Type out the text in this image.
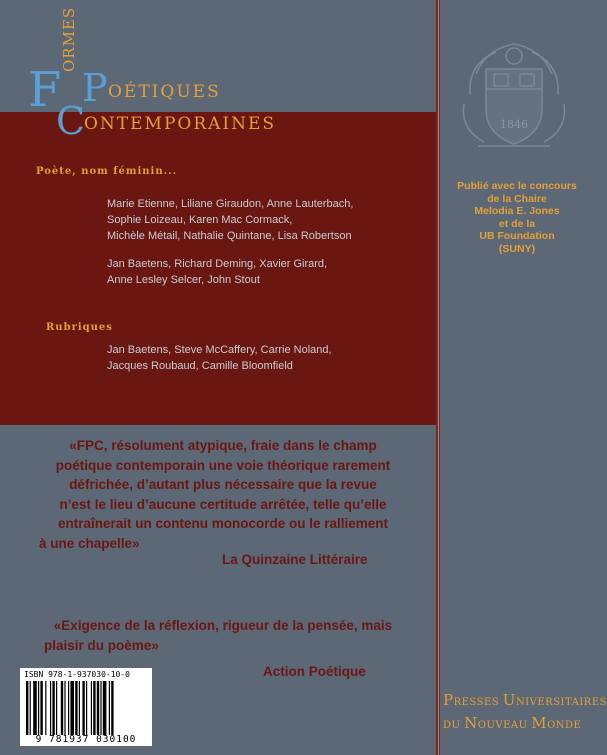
F
ORMES
P OÉTIQUES
C
ONTEMPORAINES
Poète, nom féminin...
Marie Etienne, Liliane Giraudon, Anne Lauterbach,
Sophie Loizeau, Karen Mac Cormack,
Michèle Métail, Nathalie Quintane, Lisa Robertson
Jan Baetens, Richard Deming, Xavier Girard,
Anne Lesley Selcer, John Stout
Rubriques
Jan Baetens, Steve McCaffery, Carrie Noland,
Jacques Roubaud, Camille Bloomfield
1846
Publié avec le concours
de la Chaire
Melodia E. Jones
et de la
UB Foundation
(SUNY)
«FPC, résolument atypique, fraie dans le champ
poétique contemporain une voie théorique rarement
défrichée, d’autant plus nécessaire que la revue
n’est le lieu d’aucune certitude arrêtée, telle qu’elle
entraînerait un contenu monocorde ou le ralliement
à une chapelle»
La Quinzaine Littéraire
«Exigence de la réflexion, rigueur de la pensée, mais
plaisir du poème»
Action Poétique
ISBN 978-1-937030-10-0
9 781937 030100
PRESSES UNIVERSITAIRES
DU NOUVEAU MONDE
